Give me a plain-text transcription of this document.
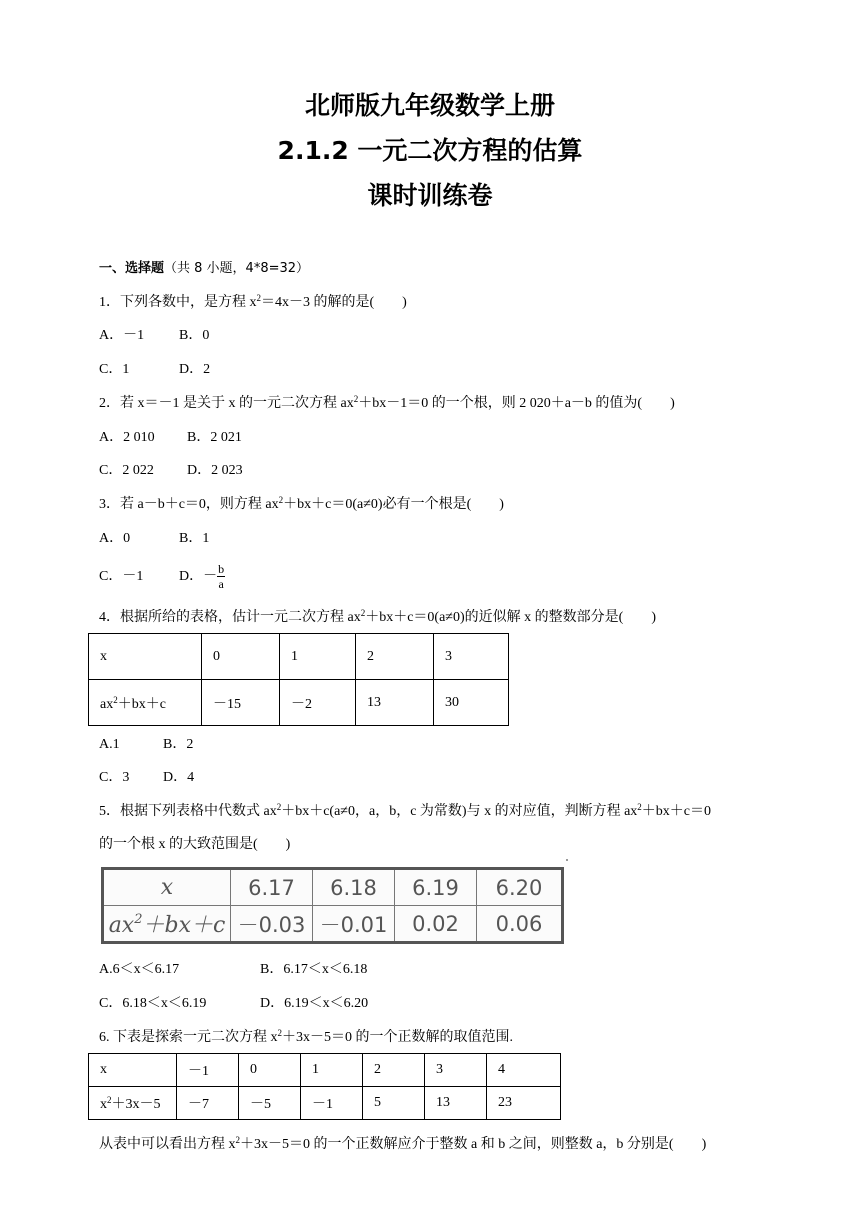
北师版九年级数学上册
2.1.2 一元二次方程的估算
课时训练卷
一、选择题（共 8 小题，4*8=32）
1．下列各数中，是方程 $x^2=4x-3$ 的解的是(　　)
A．－1 B．0
C．1	D．2
2．若 x＝－1 是关于 x 的一元二次方程 $ax^2+bx-1=0$ 的一个根，则 2 020＋a－b 的值为(　　)
A．2 010 B．2 021
C．2 022 D．2 023
3．若 a－b＋c＝0，则方程 $ax^2+bx+c=0(a\ne 0)$必有一个根是(　　)
A．0	B．1
C．－1	D．－ $\frac{b}{a}$
4．根据所给的表格，估计一元二次方程 $ax^2+bx+c=0(a\ne 0)$的近似解 x 的整数部分是(　　)
x	0	1	2	3
$ax^2+bx+c$	－15	－2	13	30
A.1	B．2
C．3 D．4
5．根据下列表格中代数式 $ax^2+bx+c(a\ne 0$，a，b，c 为常数)与 x 的对应值，判断方程 $ax^2+bx+c=0$
的一个根 x 的大致范围是(　　)
x	6.17	6.18	6.19	6.20
$ax^2+bx+c$	－0.03	－0.01	0.02	0.06
A.6＜x＜6.17	B．6.17＜x＜6.18
C．6.18＜x＜6.19	D．6.19＜x＜6.20
6. 下表是探索一元二次方程 $x^2+3x-5=0$ 的一个正数解的取值范围.
x	－1	0	1	2	3	4
$x^2+3x-5$	－7	－5	－1	5	13	23
从表中可以看出方程 $x^2+3x-5=0$ 的一个正数解应介于整数 a 和 b 之间，则整数 a，b 分别是(　　)
